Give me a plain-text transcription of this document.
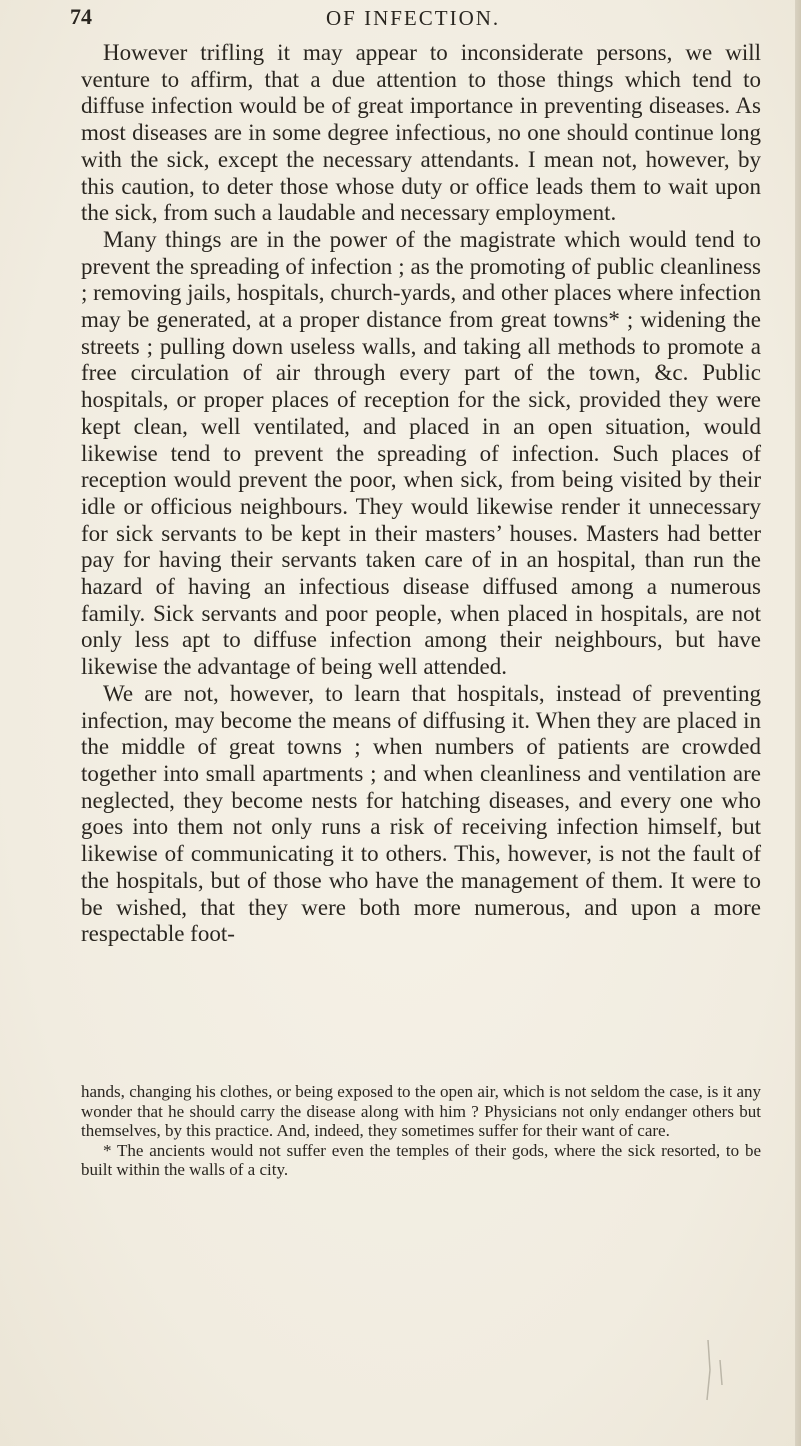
74	OF INFECTION.

However trifling it may appear to inconsiderate persons, we will venture to affirm, that a due attention to those things which tend to diffuse infection would be of great importance in preventing diseases. As most diseases are in some degree infectious, no one should continue long with the sick, except the necessary attendants. I mean not, however, by this caution, to deter those whose duty or office leads them to wait upon the sick, from such a laudable and necessary employment.

Many things are in the power of the magistrate which would tend to prevent the spreading of infection ; as the promoting of public cleanliness ; removing jails, hospitals, church-yards, and other places where infection may be generated, at a proper distance from great towns* ; widening the streets ; pulling down useless walls, and taking all methods to promote a free circulation of air through every part of the town, &c. Public hospitals, or proper places of reception for the sick, provided they were kept clean, well ventilated, and placed in an open situation, would likewise tend to prevent the spreading of infection. Such places of reception would prevent the poor, when sick, from being visited by their idle or officious neighbours. They would likewise render it unnecessary for sick servants to be kept in their masters’ houses. Masters had better pay for having their servants taken care of in an hospital, than run the hazard of having an infectious disease diffused among a numerous family. Sick servants and poor people, when placed in hospitals, are not only less apt to diffuse infection among their neighbours, but have likewise the advantage of being well attended.

We are not, however, to learn that hospitals, instead of preventing infection, may become the means of diffusing it. When they are placed in the middle of great towns ; when numbers of patients are crowded together into small apartments ; and when cleanliness and ventilation are neglected, they become nests for hatching diseases, and every one who goes into them not only runs a risk of receiving infection himself, but likewise of communicating it to others. This, however, is not the fault of the hospitals, but of those who have the management of them. It were to be wished, that they were both more numerous, and upon a more respectable foot-

hands, changing his clothes, or being exposed to the open air, which is not seldom the case, is it any wonder that he should carry the disease along with him ? Physicians not only endanger others but themselves, by this practice. And, indeed, they sometimes suffer for their want of care.

* The ancients would not suffer even the temples of their gods, where the sick resorted, to be built within the walls of a city.
